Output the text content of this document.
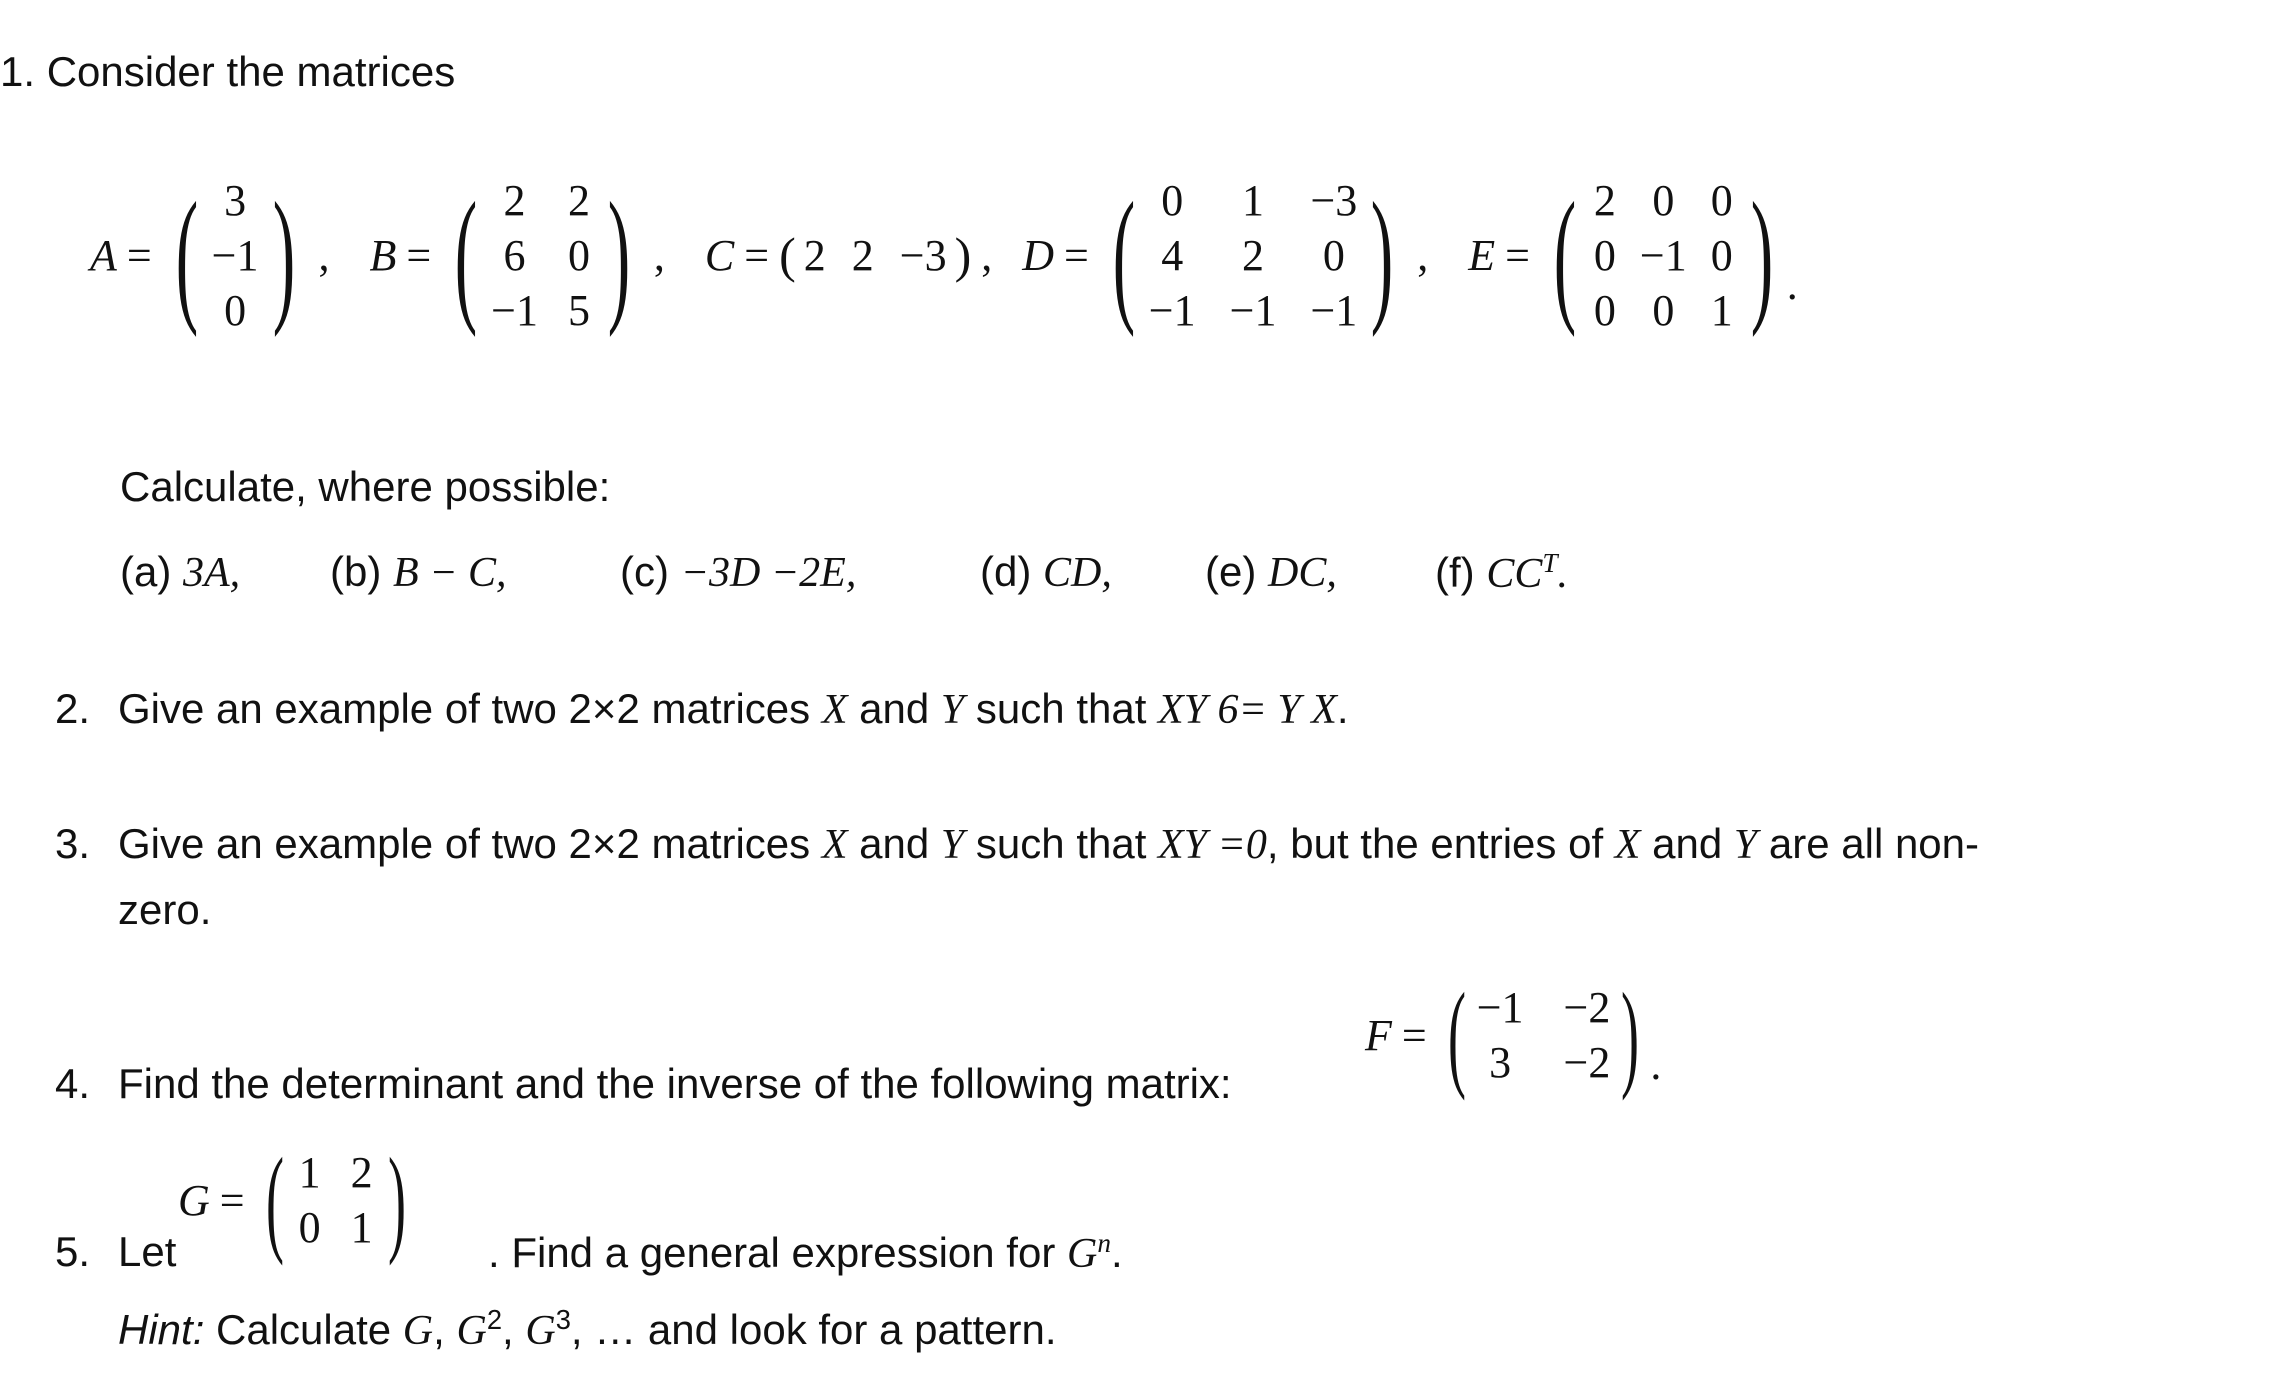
1. Consider the matrices
A = ( 3
−1
0 ) , B = ( 2 2
6 0
−1 5 ) , C = ( 2 2 −3 ) , D = ( 0 1 −3
4 2 0
−1 −1 −1 ) , E = ( 2 0 0
0 −1 0
0 0 1 ) .
Calculate, where possible:
(a) 3A, (b) B − C,	(c) −3D −2E,	(d) CD, (e) DC, (f) $CC^T$.
2. Give an example of two 2×2 matrices X and Y such that XY 6= Y X.
3. Give an example of two 2×2 matrices X and Y such that XY =0, but the entries of X and Y are all non-
zero.
4. Find the determinant and the inverse of the following matrix:
F = ( −1 −2
3 −2 ) .
5. Let
G = ( 1 2
0 1 ) . Find a general expression for $G^n$.
Hint: Calculate G, $G^2$, $G^3$, … and look for a pattern.
